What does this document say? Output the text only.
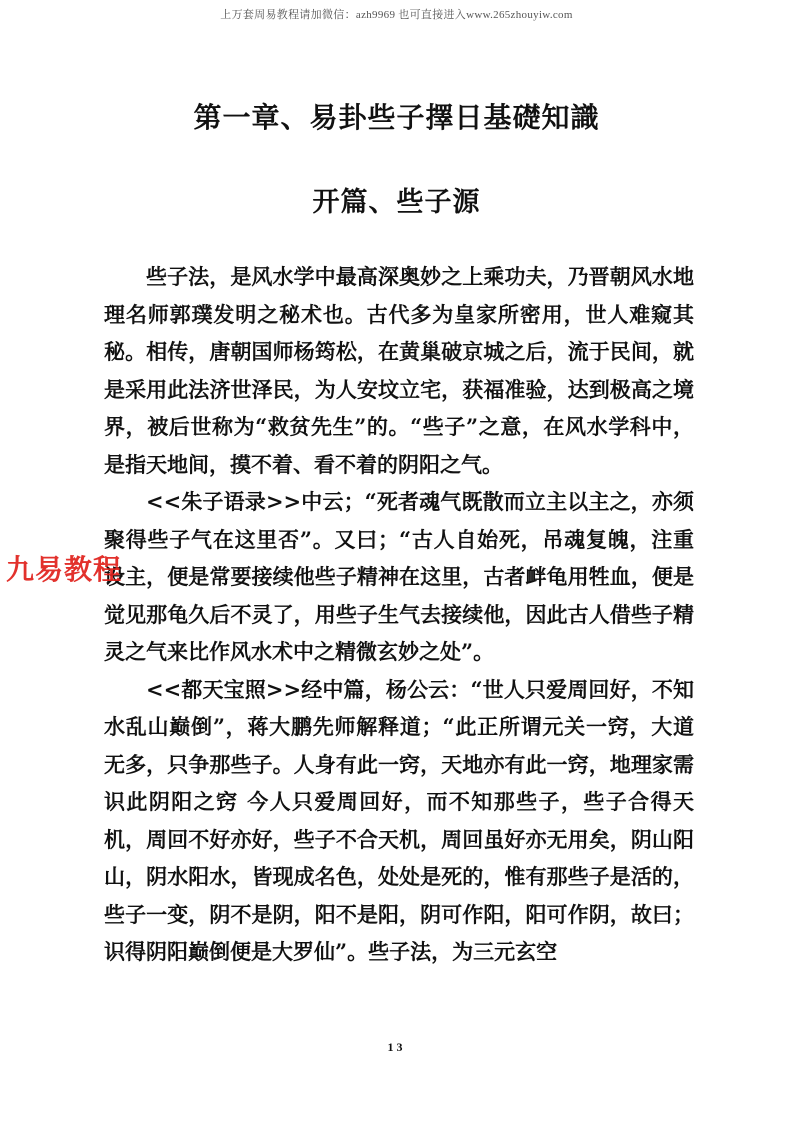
上万套周易教程请加微信：azh9969 也可直接进入www.265zhouyiw.com
第一章、易卦些子擇日基礎知識
开篇、些子源

些子法，是风水学中最高深奥妙之上乘功夫，乃晋朝风水地理名师郭璞发明之秘术也。古代多为皇家所密用，世人难窥其秘。相传，唐朝国师杨筠松，在黄巢破京城之后，流于民间，就是采用此法济世泽民，为人安坟立宅，获福准验，达到极高之境界，被后世称为“救贫先生”的。“些子”之意，在风水学科中，是指天地间，摸不着、看不着的阴阳之气。

<<朱子语录>>中云；“死者魂气既散而立主以主之，亦须聚得些子气在这里否”。又曰；“古人自始死，吊魂复魄，注重设主，便是常要接续他些子精神在这里，古者衅龟用牲血，便是觉见那龟久后不灵了，用些子生气去接续他，因此古人借些子精灵之气来比作风水术中之精微玄妙之处”。

<<都天宝照>>经中篇，杨公云：“世人只爱周回好，不知水乱山巅倒”，蒋大鹏先师解释道；“此正所谓元关一窍，大道无多，只争那些子。人身有此一窍，天地亦有此一窍，地理家需识此阴阳之窍 今人只爱周回好，而不知那些子，些子合得天机，周回不好亦好，些子不合天机，周回虽好亦无用矣，阴山阳山，阴水阳水，皆现成名色，处处是死的，惟有那些子是活的，些子一变，阴不是阴，阳不是阳，阴可作阳，阳可作阴，故曰；识得阴阳巅倒便是大罗仙”。些子法，为三元玄空

九易教程
13
